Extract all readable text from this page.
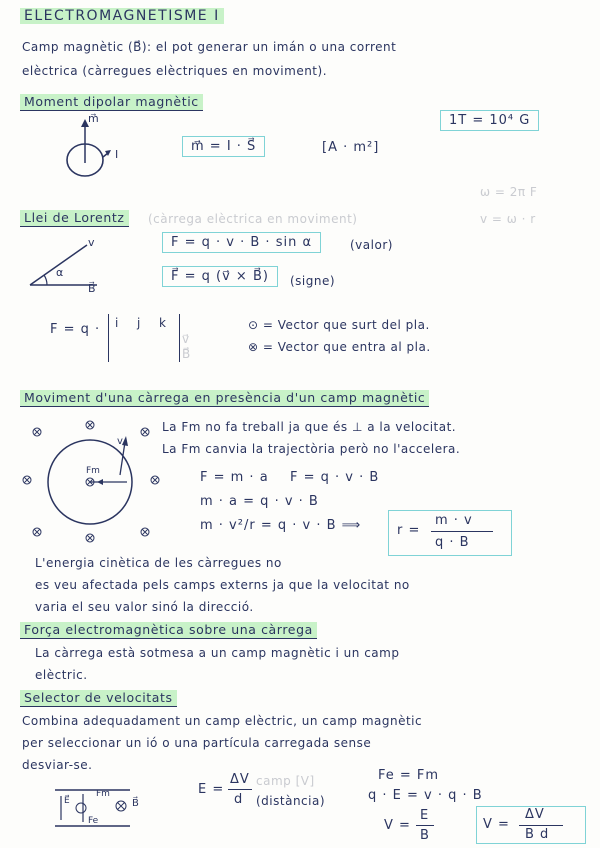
ELECTROMAGNETISME I
Camp magnètic (B⃗): el pot generar un imán o una corrent
elèctrica (càrregues elèctriques en moviment).
Moment dipolar magnètic
1T = 10⁴ G
m⃗
I
m⃗ = I · S⃗	[A · m²]
ω = 2π F
v = ω · r
Llei de Lorentz	(càrrega elèctrica en moviment)
v
α
B⃗
F = q · v · B · sin α	(valor)
F⃗ = q (v⃗ × B⃗)	(signe)
F = q · i j k
v⃗
B⃗
⊙ = Vector que surt del pla.
⊗ = Vector que entra al pla.
Moviment d'una càrrega en presència d'un camp magnètic
Fm
v
La Fm no fa treball ja que és ⊥ a la velocitat.
La Fm canvia la trajectòria però no l'accelera.
F = m · a F = q · v · B
m · a = q · v · B
m · v²/r = q · v · B ⟹	r =
m · v
q · B
L'energia cinètica de les càrregues no
es veu afectada pels camps externs ja que la velocitat no
varia el seu valor sinó la direcció.
Força electromagnètica sobre una càrrega
La càrrega està sotmesa a un camp magnètic i un camp
elèctric.
Selector de velocitats
Combina adequadament un camp elèctric, un camp magnètic
per seleccionar un ió o una partícula carregada sense
desviar-se.
E⃗
Fm
Fe
B⃗
E =
ΔV
d
camp [V]
(distància)
Fe = Fm
q · E = v · q · B
V =
E
B
V =
ΔV
B d
